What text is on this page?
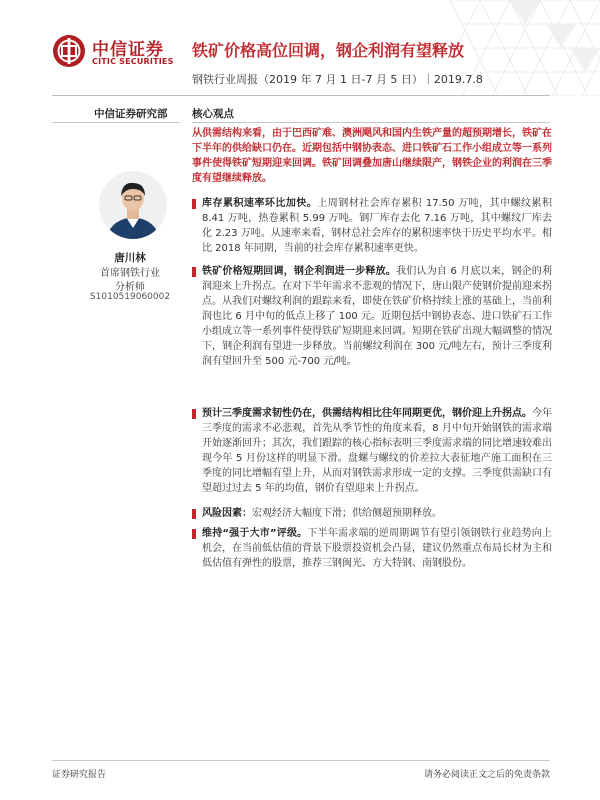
中信证券
CITIC SECURITIES
铁矿价格高位回调，钢企利润有望释放
钢铁行业周报（2019 年 7 月 1 日-7 月 5 日）｜2019.7.8
中信证券研究部
唐川林
首席钢铁行业
分析师
S1010519060002
核心观点
从供需结构来看，由于巴西矿难、澳洲飓风和国内生铁产量的超预期增长，铁矿在下半年的供给缺口仍在。近期包括中钢协表态、进口铁矿石工作小组成立等一系列事件使得铁矿短期迎来回调。铁矿回调叠加唐山继续限产，钢铁企业的利润在三季度有望继续释放。
库存累积速率环比加快。上周钢材社会库存累积 17.50 万吨，其中螺纹累积 8.41 万吨，热卷累积 5.99 万吨。钢厂库存去化 7.16 万吨，其中螺纹厂库去化 2.23 万吨。从速率来看，钢材总社会库存的累积速率快于历史平均水平。相比 2018 年同期，当前的社会库存累积速率更快。
铁矿价格短期回调，钢企利润进一步释放。我们认为自 6 月底以来，钢企的利润迎来上升拐点。在对下半年需求不悲观的情况下，唐山限产使钢价提前迎来拐点。从我们对螺纹利润的跟踪来看，即使在铁矿价格持续上涨的基础上，当前利润也比 6 月中旬的低点上移了 100 元。近期包括中钢协表态、进口铁矿石工作小组成立等一系列事件使得铁矿短期迎来回调。短期在铁矿出现大幅调整的情况下，钢企利润有望进一步释放。当前螺纹利润在 300 元/吨左右，预计三季度利润有望回升至 500 元-700 元/吨。
预计三季度需求韧性仍在，供需结构相比往年同期更优，钢价迎上升拐点。今年三季度的需求不必悲观，首先从季节性的角度来看，8 月中旬开始钢铁的需求端开始逐渐回升；其次，我们跟踪的核心指标表明三季度需求端的同比增速较难出现今年 5 月份这样的明显下滑。盘螺与螺纹的价差拉大表征地产施工面积在三季度的同比增幅有望上升，从而对钢铁需求形成一定的支撑。三季度供需缺口有望超过过去 5 年的均值，钢价有望迎来上升拐点。
风险因素：宏观经济大幅度下滑；供给侧超预期释放。
维持“强于大市”评级。下半年需求端的逆周期调节有望引领钢铁行业趋势向上机会，在当前低估值的背景下股票投资机会凸显，建议仍然重点布局长材为主和低估值有弹性的股票，推荐三钢闽光、方大特钢、南钢股份。
证券研究报告	请务必阅读正文之后的免责条款
